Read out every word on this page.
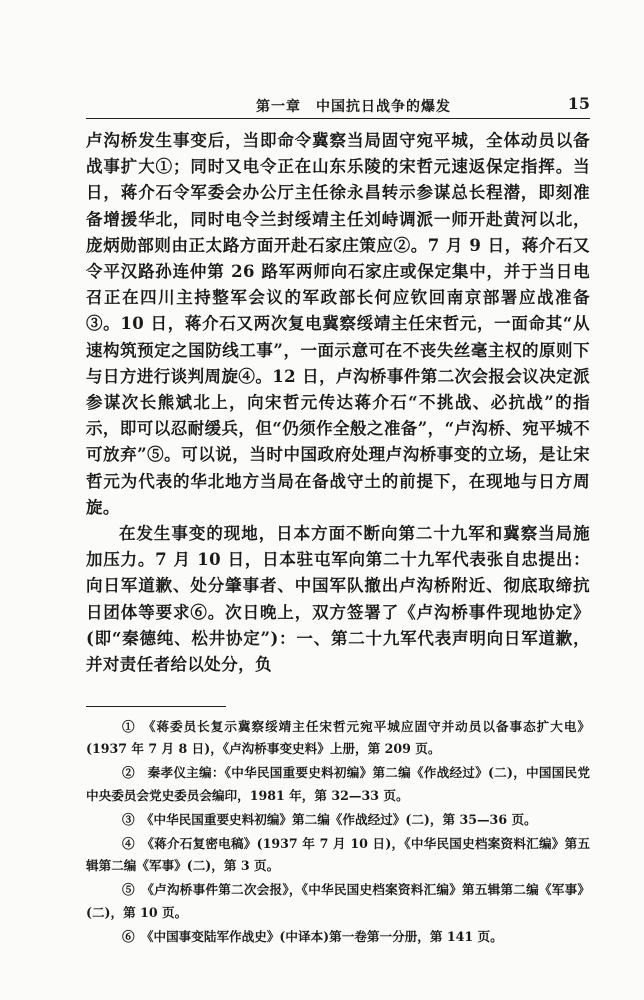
第一章　中国抗日战争的爆发	15

卢沟桥发生事变后，当即命令冀察当局固守宛平城，全体动员以备战事扩大①；同时又电令正在山东乐陵的宋哲元速返保定指挥。当日，蒋介石令军委会办公厅主任徐永昌转示参谋总长程潜，即刻准备增援华北，同时电令兰封绥靖主任刘峙调派一师开赴黄河以北，庞炳勋部则由正太路方面开赴石家庄策应②。7 月 9 日，蒋介石又令平汉路孙连仲第 26 路军两师向石家庄或保定集中，并于当日电召正在四川主持整军会议的军政部长何应钦回南京部署应战准备③。10 日，蒋介石又两次复电冀察绥靖主任宋哲元，一面命其“从速构筑预定之国防线工事”，一面示意可在不丧失丝毫主权的原则下与日方进行谈判周旋④。12 日，卢沟桥事件第二次会报会议决定派参谋次长熊斌北上，向宋哲元传达蒋介石“不挑战、必抗战”的指示，即可以忍耐缓兵，但“仍须作全般之准备”，“卢沟桥、宛平城不可放弃”⑤。可以说，当时中国政府处理卢沟桥事变的立场，是让宋哲元为代表的华北地方当局在备战守土的前提下，在现地与日方周旋。

在发生事变的现地，日本方面不断向第二十九军和冀察当局施加压力。7 月 10 日，日本驻屯军向第二十九军代表张自忠提出：向日军道歉、处分肇事者、中国军队撤出卢沟桥附近、彻底取缔抗日团体等要求⑥。次日晚上，双方签署了《卢沟桥事件现地协定》(即“秦德纯、松井协定”)：一、第二十九军代表声明向日军道歉，并对责任者给以处分，负

①　《蒋委员长复示冀察绥靖主任宋哲元宛平城应固守并动员以备事态扩大电》(1937 年 7 月 8 日)，《卢沟桥事变史料》上册，第 209 页。

②　秦孝仪主编：《中华民国重要史料初编》第二编《作战经过》(二)，中国国民党中央委员会党史委员会编印，1981 年，第 32—33 页。

③　《中华民国重要史料初编》第二编《作战经过》(二)，第 35—36 页。

④　《蒋介石复密电稿》(1937 年 7 月 10 日)，《中华民国史档案资料汇编》第五辑第二编《军事》(二)，第 3 页。

⑤　《卢沟桥事件第二次会报》，《中华民国史档案资料汇编》第五辑第二编《军事》(二)，第 10 页。

⑥　《中国事变陆军作战史》(中译本)第一卷第一分册，第 141 页。
